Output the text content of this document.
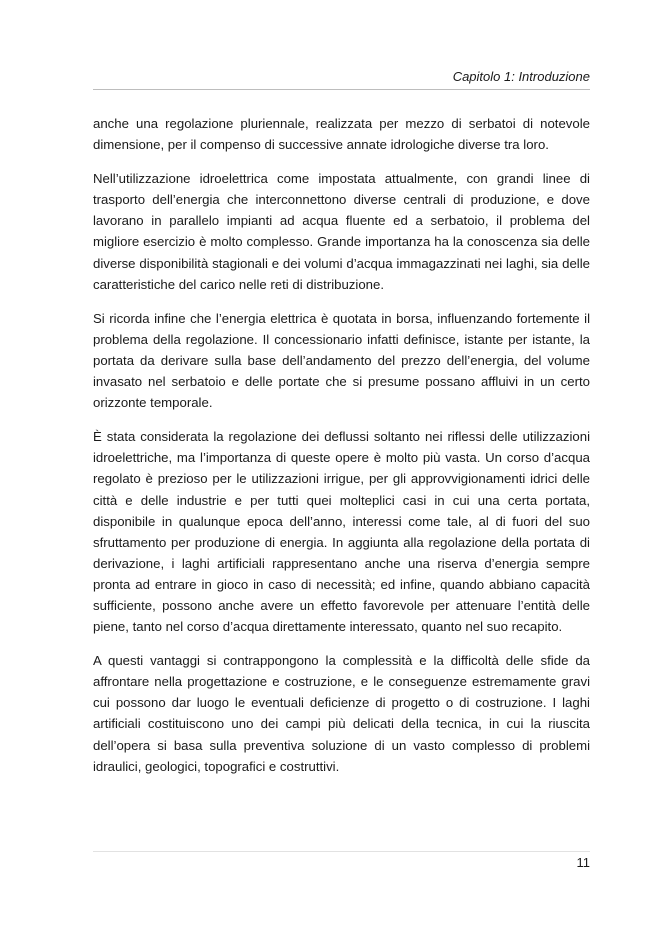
Capitolo 1: Introduzione

anche una regolazione pluriennale, realizzata per mezzo di serbatoi di notevole dimensione, per il compenso di successive annate idrologiche diverse tra loro.

Nell’utilizzazione idroelettrica come impostata attualmente, con grandi linee di trasporto dell’energia che interconnettono diverse centrali di produzione, e dove lavorano in parallelo impianti ad acqua fluente ed a serbatoio, il problema del migliore esercizio è molto complesso. Grande importanza ha la conoscenza sia delle diverse disponibilità stagionali e dei volumi d’acqua immagazzinati nei laghi, sia delle caratteristiche del carico nelle reti di distribuzione.

Si ricorda infine che l’energia elettrica è quotata in borsa, influenzando fortemente il problema della regolazione. Il concessionario infatti definisce, istante per istante, la portata da derivare sulla base dell’andamento del prezzo dell’energia, del volume invasato nel serbatoio e delle portate che si presume possano affluivi in un certo orizzonte temporale.

È stata considerata la regolazione dei deflussi soltanto nei riflessi delle utilizzazioni idroelettriche, ma l’importanza di queste opere è molto più vasta. Un corso d’acqua regolato è prezioso per le utilizzazioni irrigue, per gli approvvigionamenti idrici delle città e delle industrie e per tutti quei molteplici casi in cui una certa portata, disponibile in qualunque epoca dell’anno, interessi come tale, al di fuori del suo sfruttamento per produzione di energia. In aggiunta alla regolazione della portata di derivazione, i laghi artificiali rappresentano anche una riserva d’energia sempre pronta ad entrare in gioco in caso di necessità; ed infine, quando abbiano capacità sufficiente, possono anche avere un effetto favorevole per attenuare l’entità delle piene, tanto nel corso d’acqua direttamente interessato, quanto nel suo recapito.

A questi vantaggi si contrappongono la complessità e la difficoltà delle sfide da affrontare nella progettazione e costruzione, e le conseguenze estremamente gravi cui possono dar luogo le eventuali deficienze di progetto o di costruzione. I laghi artificiali costituiscono uno dei campi più delicati della tecnica, in cui la riuscita dell’opera si basa sulla preventiva soluzione di un vasto complesso di problemi idraulici, geologici, topografici e costruttivi.

11
